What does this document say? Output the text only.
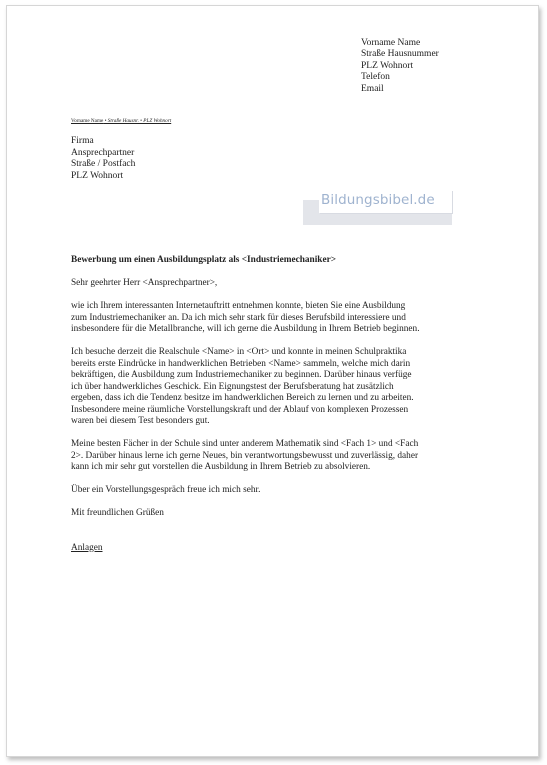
Vorname Name
Straße Hausnummer
PLZ Wohnort
Telefon
Email
Vorname Name • Straße Hausnr. • PLZ Wohnort
Firma
Ansprechpartner
Straße / Postfach
PLZ Wohnort
Bildungsbibel.de

Bewerbung um einen Ausbildungsplatz als <Industriemechaniker>

Sehr geehrter Herr <Ansprechpartner>,

wie ich Ihrem interessanten Internetauftritt entnehmen konnte, bieten Sie eine Ausbildung

zum Industriemechaniker an. Da ich mich sehr stark für dieses Berufsbild interessiere und

insbesondere für die Metallbranche, will ich gerne die Ausbildung in Ihrem Betrieb beginnen.

Ich besuche derzeit die Realschule <Name> in <Ort> und konnte in meinen Schulpraktika

bereits erste Eindrücke in handwerklichen Betrieben <Name> sammeln, welche mich darin

bekräftigen, die Ausbildung zum Industriemechaniker zu beginnen. Darüber hinaus verfüge

ich über handwerkliches Geschick. Ein Eignungstest der Berufsberatung hat zusätzlich

ergeben, dass ich die Tendenz besitze im handwerklichen Bereich zu lernen und zu arbeiten.

Insbesondere meine räumliche Vorstellungskraft und der Ablauf von komplexen Prozessen

waren bei diesem Test besonders gut.

Meine besten Fächer in der Schule sind unter anderem Mathematik sind <Fach 1> und <Fach

2>. Darüber hinaus lerne ich gerne Neues, bin verantwortungsbewusst und zuverlässig, daher

kann ich mir sehr gut vorstellen die Ausbildung in Ihrem Betrieb zu absolvieren.

Über ein Vorstellungsgespräch freue ich mich sehr.

Mit freundlichen Grüßen

Anlagen
